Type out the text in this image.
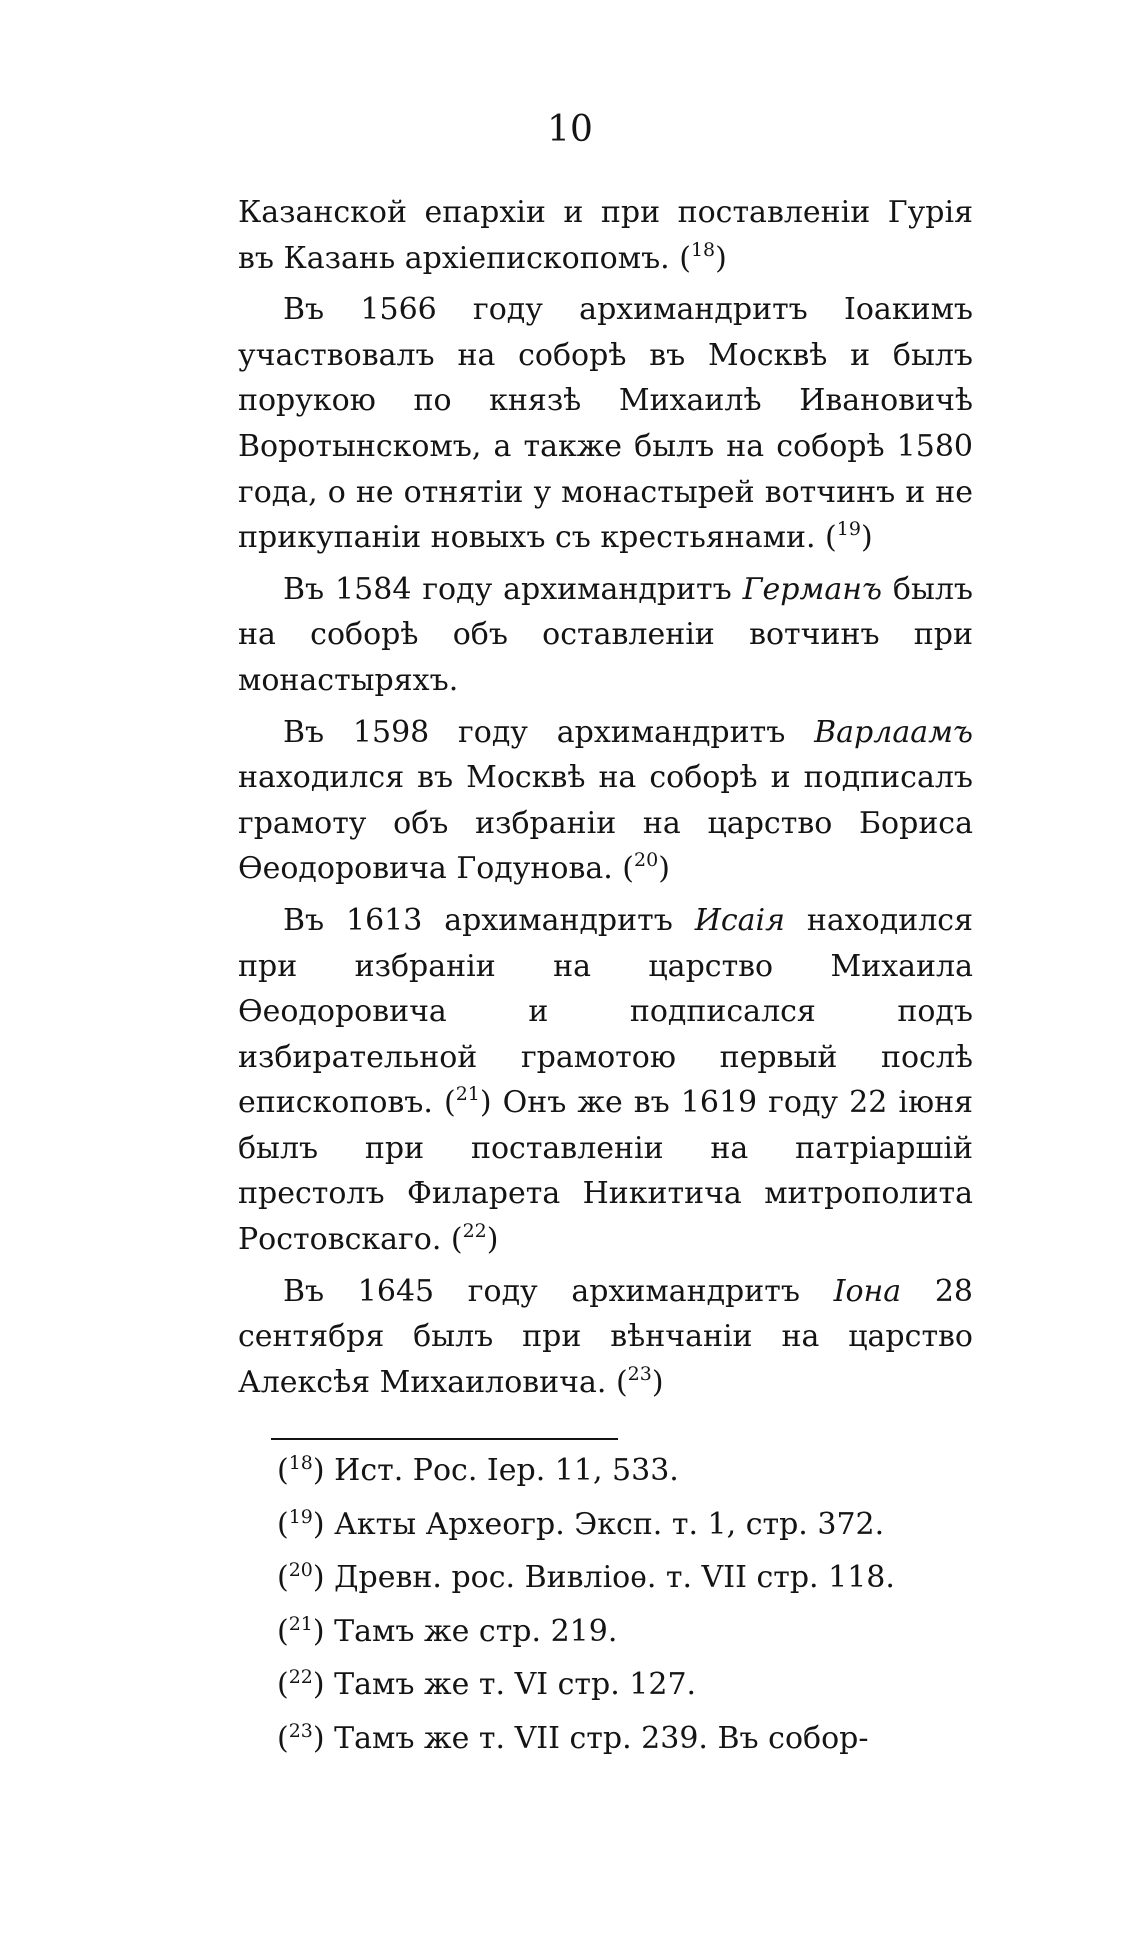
10

Казанской епархіи и при поставленіи Гурія въ Казань архіепископомъ. ($^{18}$)

Въ 1566 году архимандритъ Іоакимъ участвовалъ на соборѣ въ Москвѣ и былъ порукою по князѣ Михаилѣ Ивановичѣ Воротынскомъ, а также былъ на соборѣ 1580 года, о не отнятіи у монастырей вотчинъ и не прикупаніи новыхъ съ крестьянами. ($^{19}$)

Въ 1584 году архимандритъ Германъ былъ на соборѣ объ оставленіи вотчинъ при монастыряхъ.

Въ 1598 году архимандритъ Варлаамъ находился въ Москвѣ на соборѣ и подписалъ грамоту объ избраніи на царство Бориса Ѳеодоровича Годунова. ($^{20}$)

Въ 1613 архимандритъ Исаія находился при избраніи на царство Михаила Ѳеодоровича и подписался подъ избирательной грамотою первый послѣ епископовъ. ($^{21}$) Онъ же въ 1619 году 22 іюня былъ при поставленіи на патріаршій престолъ Филарета Никитича митрополита Ростовскаго. ($^{22}$)

Въ 1645 году архимандритъ Іона 28 сентября былъ при вѣнчаніи на царство Алексѣя Михаиловича. ($^{23}$)

($^{18}$) Ист. Рос. Іер. 11, 533.
($^{19}$) Акты Археогр. Эксп. т. 1, стр. 372.
($^{20}$) Древн. рос. Вивліоѳ. т. VII стр. 118.
($^{21}$) Тамъ же стр. 219.
($^{22}$) Тамъ же т. VI стр. 127.
($^{23}$) Тамъ же т. VII стр. 239. Въ собор-
